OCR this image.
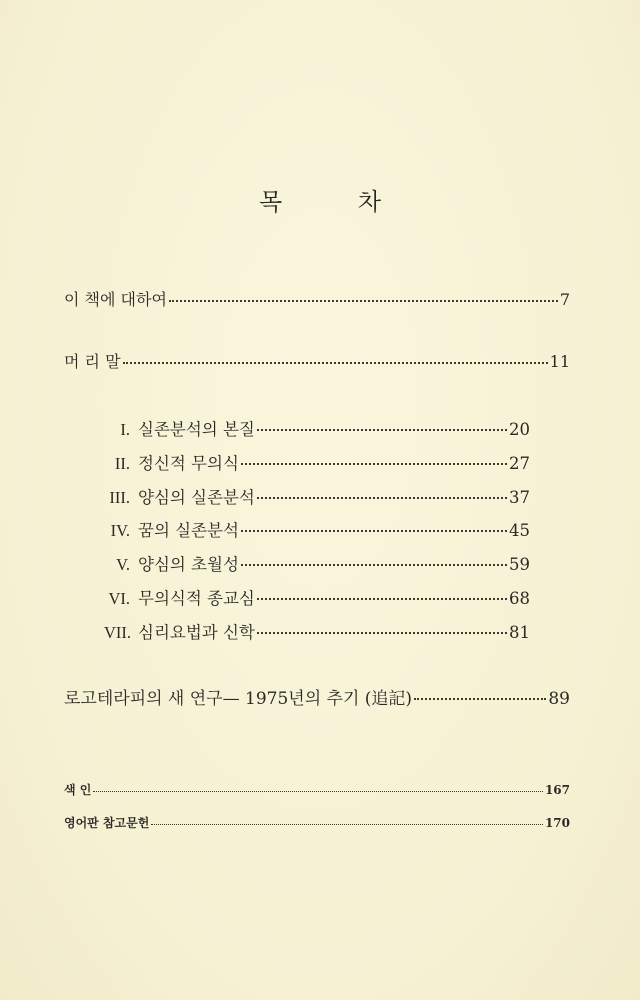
목 차
이 책에 대하여	7
머 리 말	11
I. 실존분석의 본질	20
II. 정신적 무의식	27
III. 양심의 실존분석	37
IV. 꿈의 실존분석	45
V. 양심의 초월성	59
VI. 무의식적 종교심	68
VII. 심리요법과 신학	81
로고테라피의 새 연구— 1975년의 추기 (追記)	89
색 인	167
영어판 참고문헌	170
